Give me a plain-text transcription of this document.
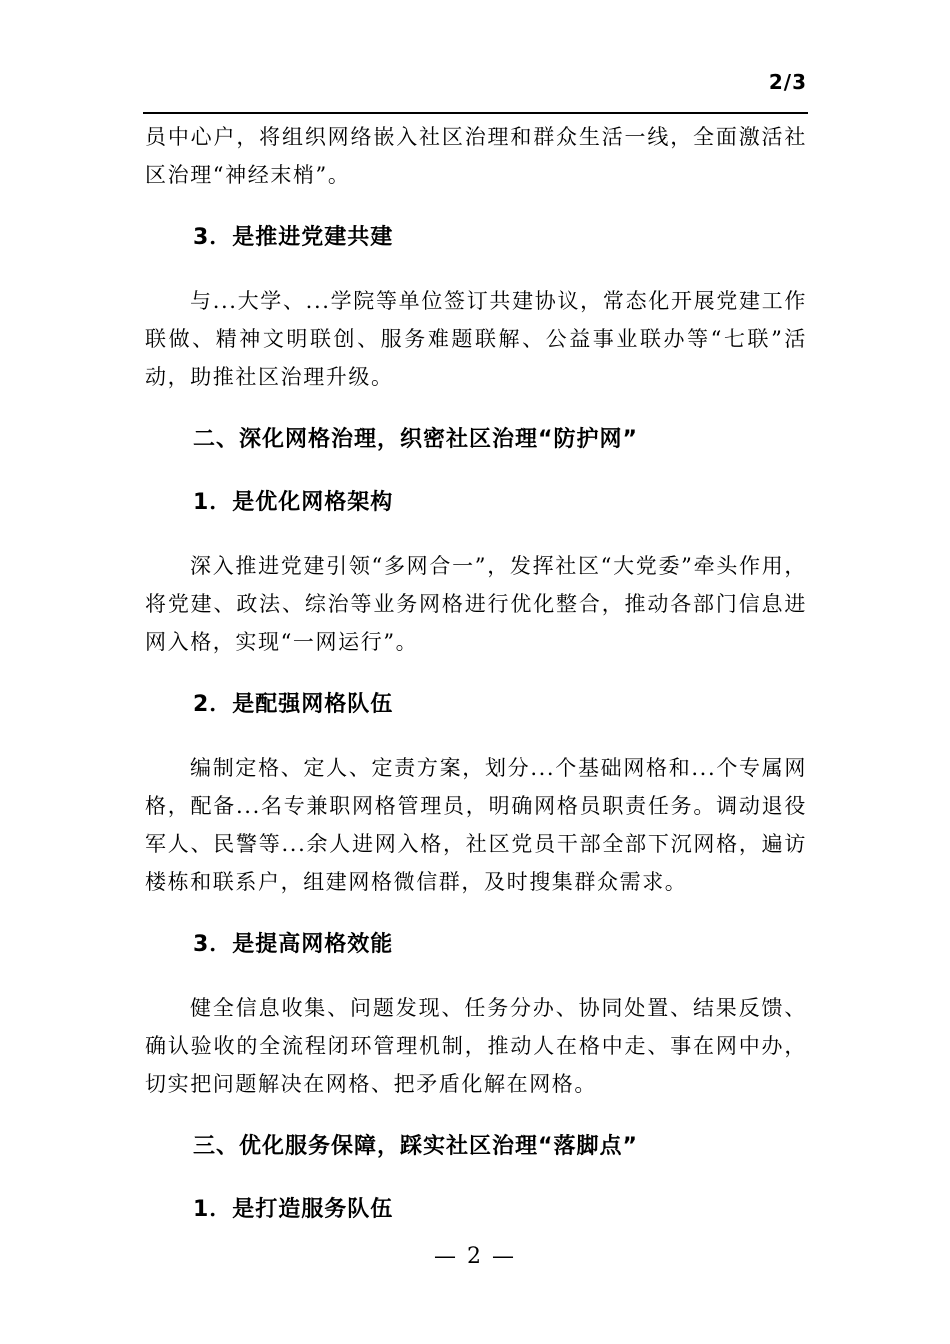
2/3

员中心户，将组织网络嵌入社区治理和群众生活一线，全面激活社区治理“神经末梢”。

3．是推进党建共建

与...大学、...学院等单位签订共建协议，常态化开展党建工作联做、精神文明联创、服务难题联解、公益事业联办等“七联”活动，助推社区治理升级。

二、深化网格治理，织密社区治理“防护网”
1．是优化网格架构

深入推进党建引领“多网合一”，发挥社区“大党委”牵头作用，将党建、政法、综治等业务网格进行优化整合，推动各部门信息进网入格，实现“一网运行”。

2．是配强网格队伍

编制定格、定人、定责方案，划分...个基础网格和...个专属网格，配备...名专兼职网格管理员，明确网格员职责任务。调动退役军人、民警等...余人进网入格，社区党员干部全部下沉网格，遍访楼栋和联系户，组建网格微信群，及时搜集群众需求。

3．是提高网格效能

健全信息收集、问题发现、任务分办、协同处置、结果反馈、确认验收的全流程闭环管理机制，推动人在格中走、事在网中办，切实把问题解决在网格、把矛盾化解在网格。

三、优化服务保障，踩实社区治理“落脚点”
1．是打造服务队伍
— 2 —
